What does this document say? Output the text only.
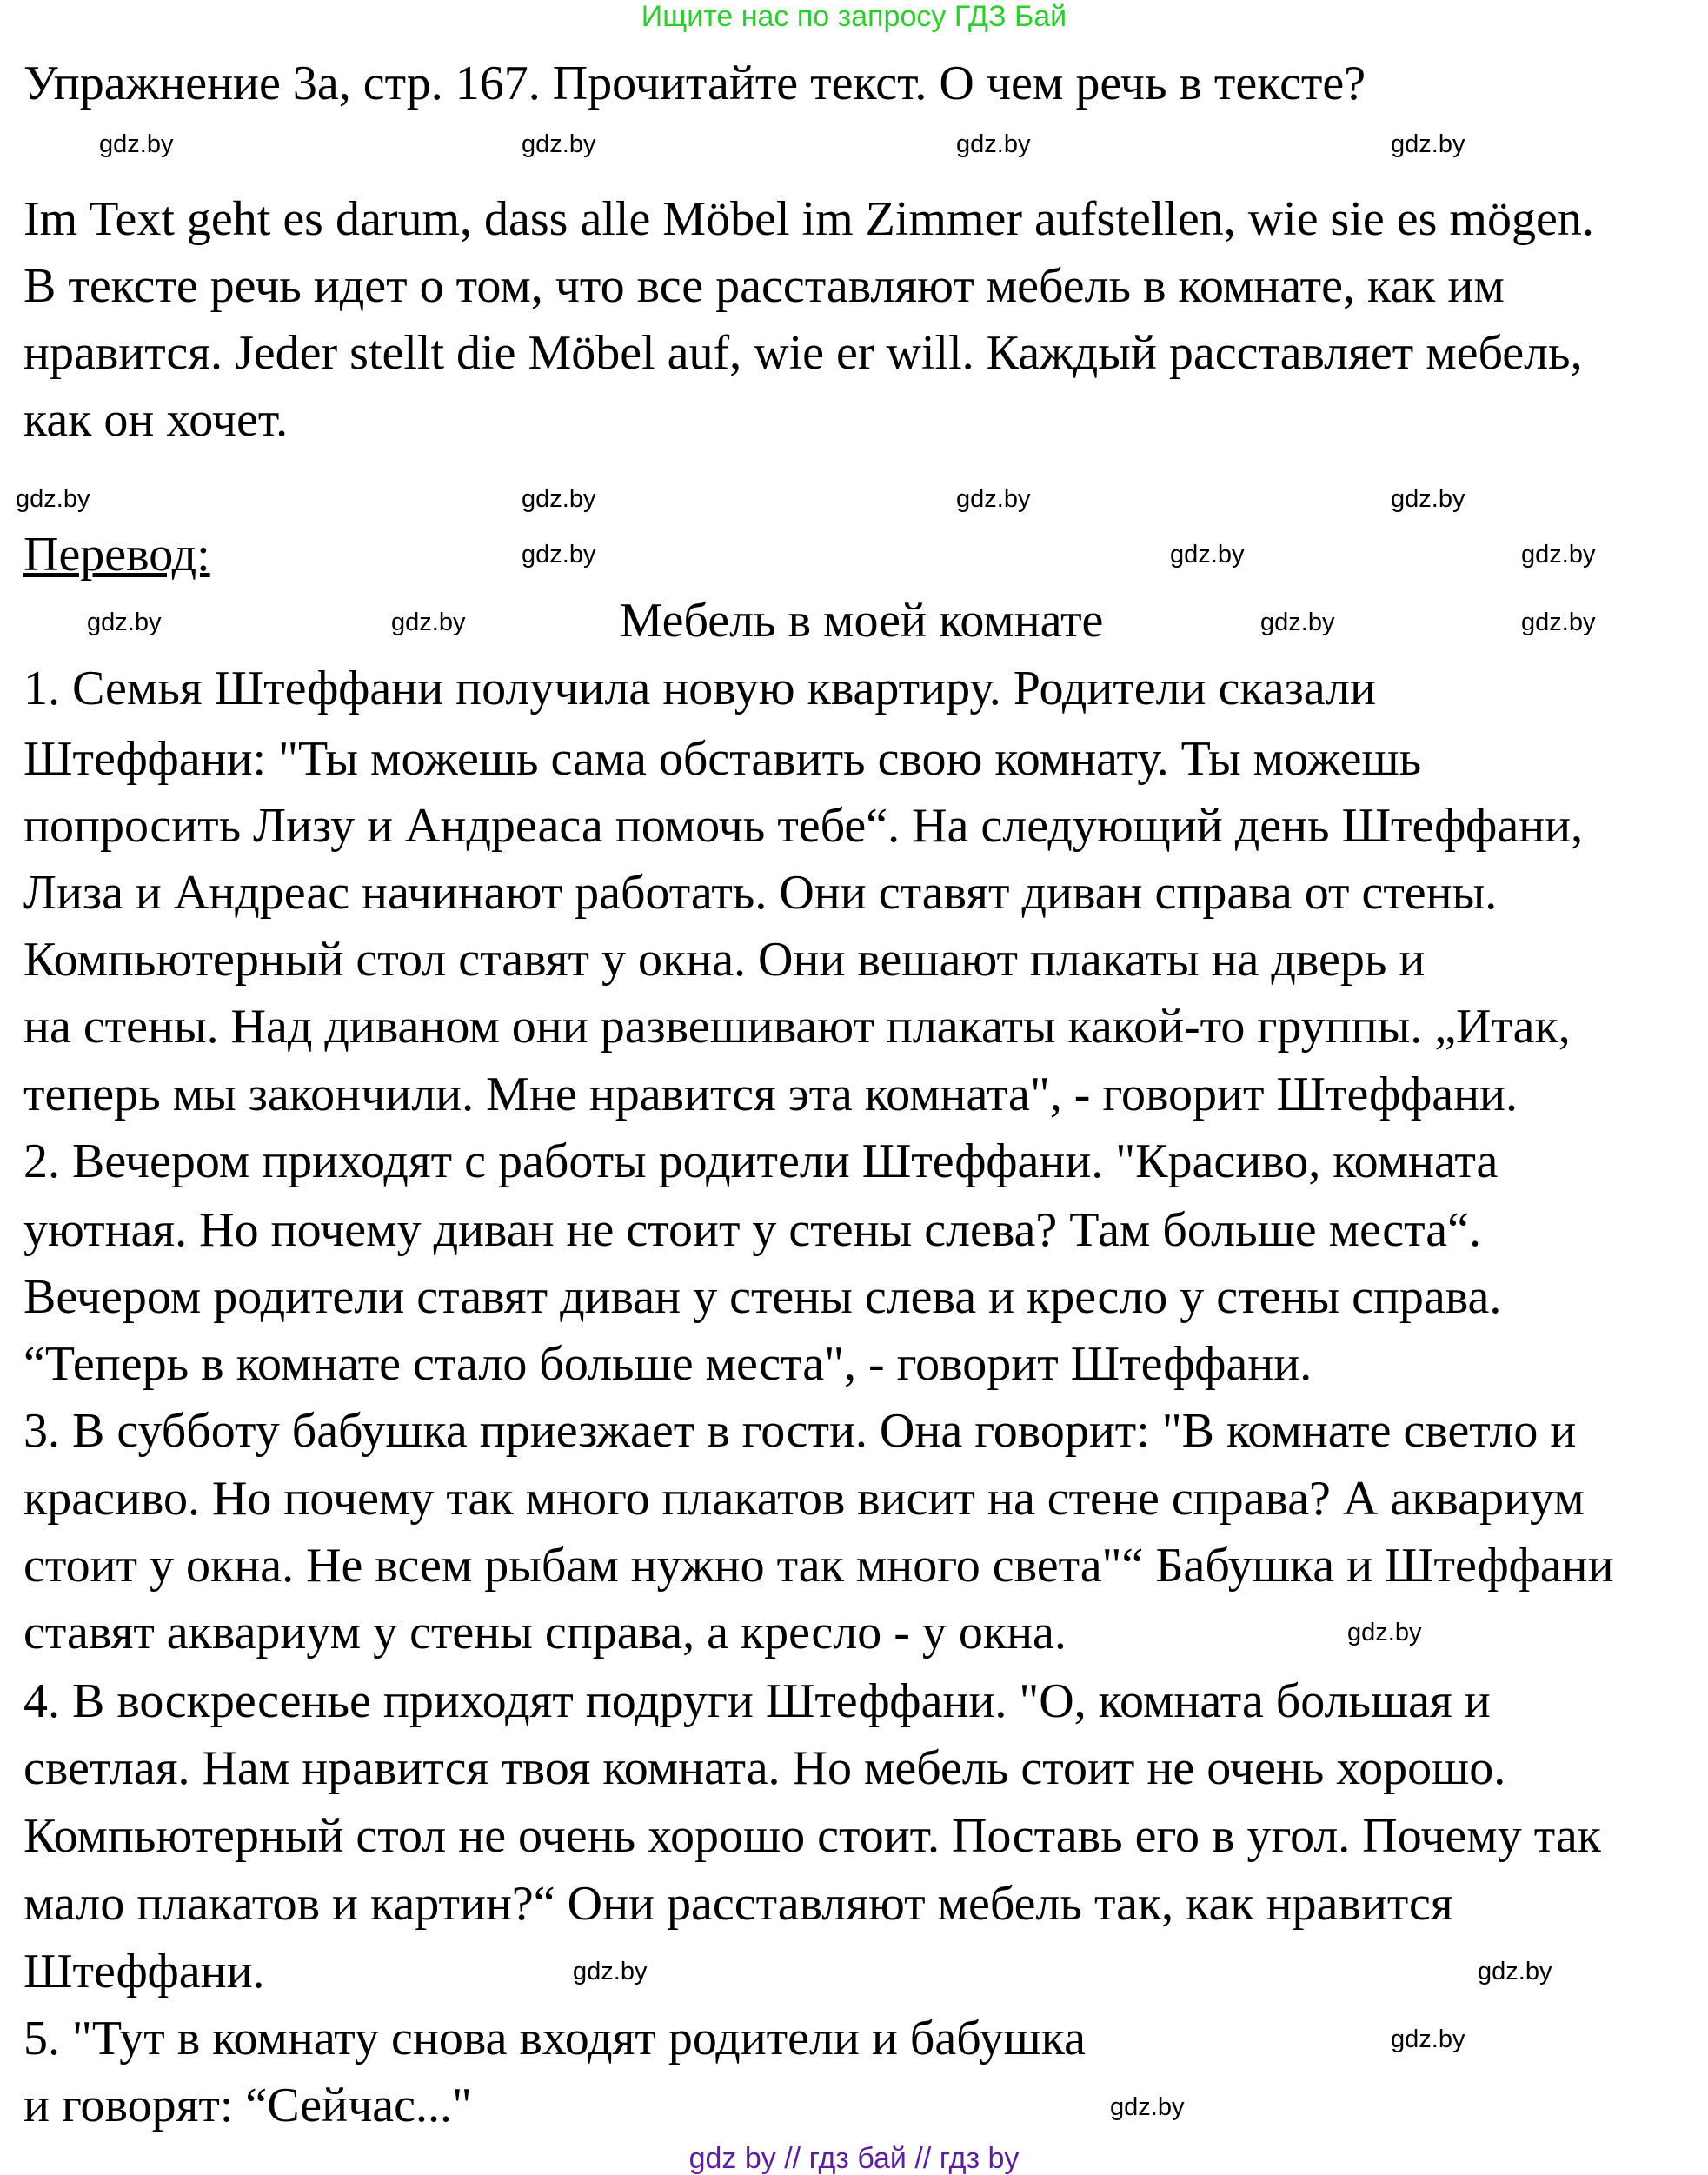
Ищите нас по запросу ГДЗ Бай
Упражнение 3а, стр. 167. Прочитайте текст. О чем речь в тексте?
Im Text geht es darum, dass alle Möbel im Zimmer aufstellen, wie sie es mögen.
В тексте речь идет о том, что все расставляют мебель в комнате, как им
нравится. Jeder stellt die Möbel auf, wie er will. Каждый расставляет мебель,
как он хочет.
Перевод:
Мебель в моей комнате
1. Семья Штеффани получила новую квартиру. Родители сказали
Штеффани: "Ты можешь сама обставить свою комнату. Ты можешь
попросить Лизу и Андреаса помочь тебе“. На следующий день Штеффани,
Лиза и Андреас начинают работать. Они ставят диван справа от стены.
Компьютерный стол ставят у окна. Они вешают плакаты на дверь и
на стены. Над диваном они развешивают плакаты какой-то группы. „Итак,
теперь мы закончили. Мне нравится эта комната", - говорит Штеффани.
2. Вечером приходят с работы родители Штеффани. "Красиво, комната
уютная. Но почему диван не стоит у стены слева? Там больше места“.
Вечером родители ставят диван у стены слева и кресло у стены справа.
“Теперь в комнате стало больше места", - говорит Штеффани.
3. В субботу бабушка приезжает в гости. Она говорит: "В комнате светло и
красиво. Но почему так много плакатов висит на стене справа? А аквариум
стоит у окна. Не всем рыбам нужно так много света"“ Бабушка и Штеффани
ставят аквариум у стены справа, а кресло - у окна.
4. В воскресенье приходят подруги Штеффани. "О, комната большая и
светлая. Нам нравится твоя комната. Но мебель стоит не очень хорошо.
Компьютерный стол не очень хорошо стоит. Поставь его в угол. Почему так
мало плакатов и картин?“ Они расставляют мебель так, как нравится
Штеффани.
5. "Тут в комнату снова входят родители и бабушка
и говорят: “Сейчас..."
gdz.by	gdz.by	gdz.by	gdz.by
gdz.by	gdz.by	gdz.by	gdz.by
gdz.by	gdz.by	gdz.by
gdz.by	gdz.by	gdz.by	gdz.by
gdz.by
gdz.by	gdz.by
gdz.by
gdz.by
gdz by // гдз бай // гдз by
